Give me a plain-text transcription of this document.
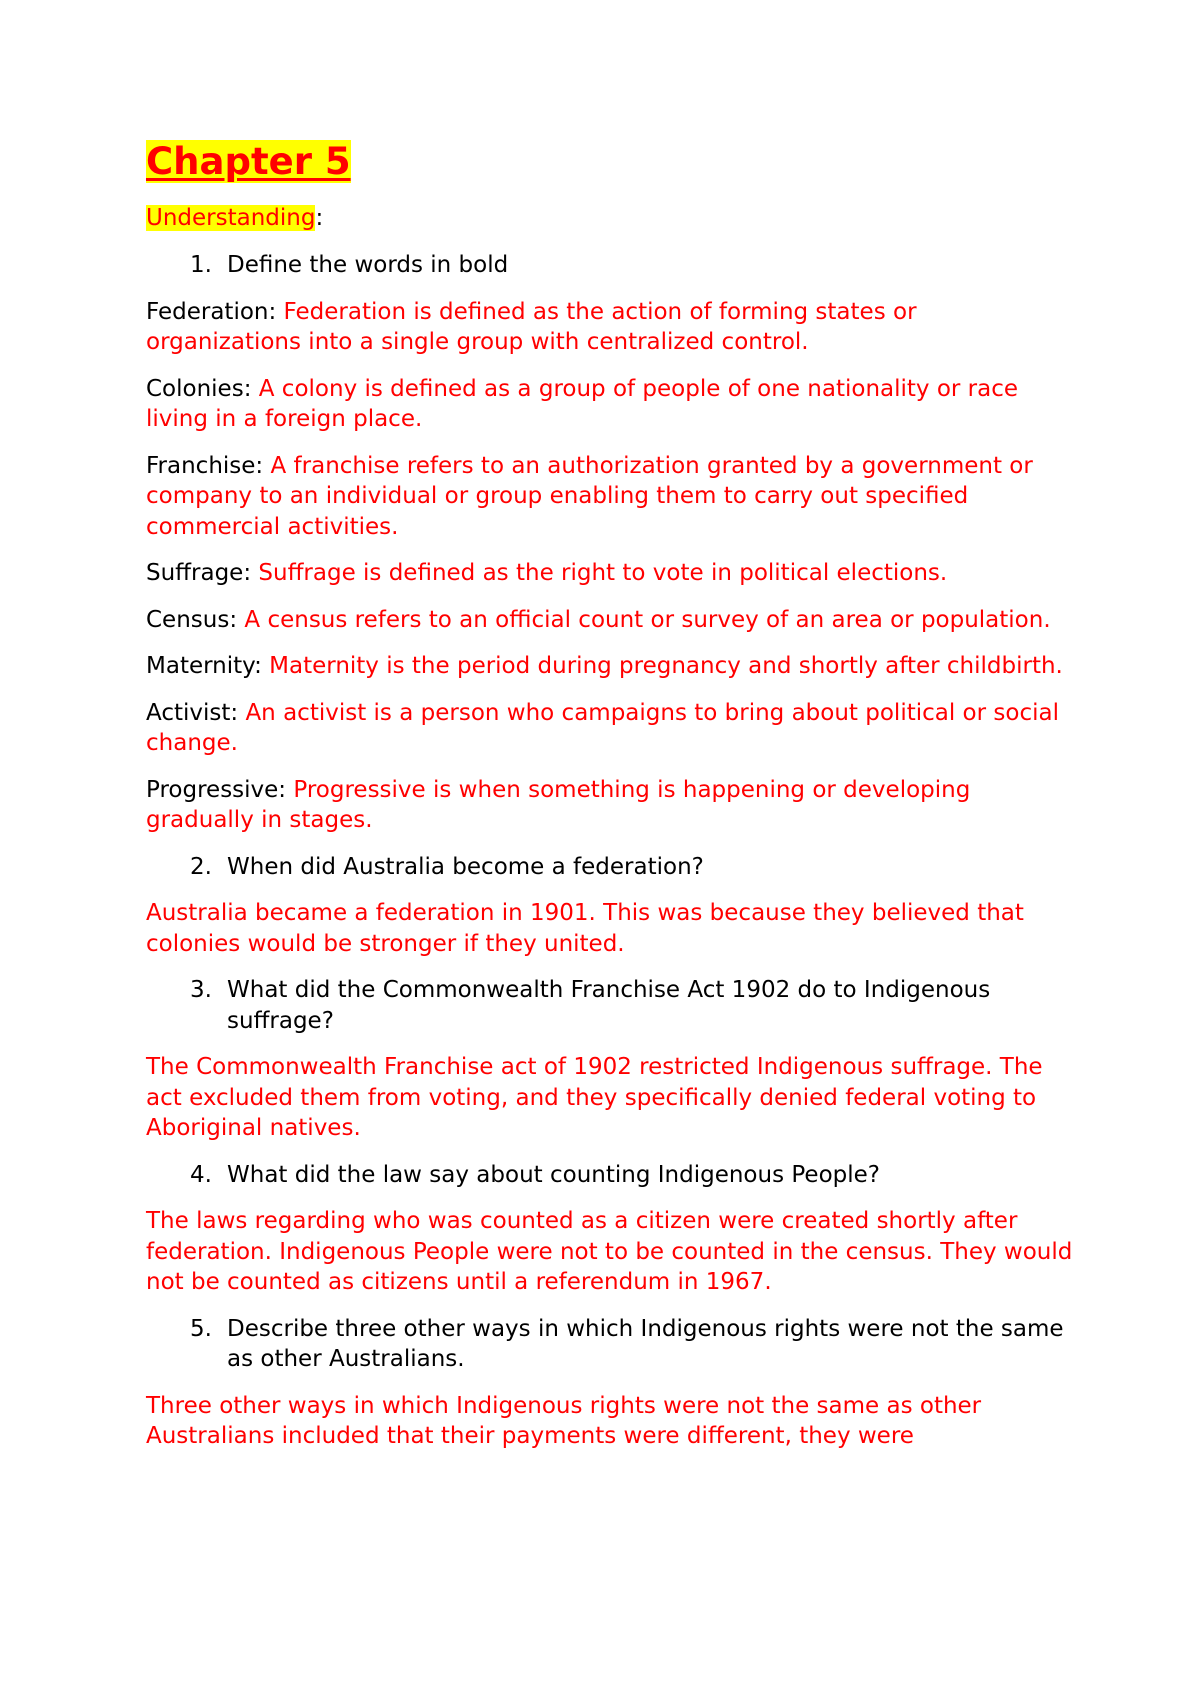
Chapter 5

Understanding:

1. Define the words in bold

Federation: Federation is defined as the action of forming states or organizations into a single group with centralized control.

Colonies: A colony is defined as a group of people of one nationality or race living in a foreign place.

Franchise: A franchise refers to an authorization granted by a government or company to an individual or group enabling them to carry out specified commercial activities.

Suffrage: Suffrage is defined as the right to vote in political elections.

Census: A census refers to an official count or survey of an area or population.

Maternity: Maternity is the period during pregnancy and shortly after childbirth.

Activist: An activist is a person who campaigns to bring about political or social change.

Progressive: Progressive is when something is happening or developing gradually in stages.

2. When did Australia become a federation?

Australia became a federation in 1901. This was because they believed that colonies would be stronger if they united.

3. What did the Commonwealth Franchise Act 1902 do to Indigenous suffrage?

The Commonwealth Franchise act of 1902 restricted Indigenous suffrage. The act excluded them from voting, and they specifically denied federal voting to Aboriginal natives.

4. What did the law say about counting Indigenous People?

The laws regarding who was counted as a citizen were created shortly after federation. Indigenous People were not to be counted in the census. They would not be counted as citizens until a referendum in 1967.

5. Describe three other ways in which Indigenous rights were not the same as other Australians.

Three other ways in which Indigenous rights were not the same as other Australians included that their payments were different, they were
